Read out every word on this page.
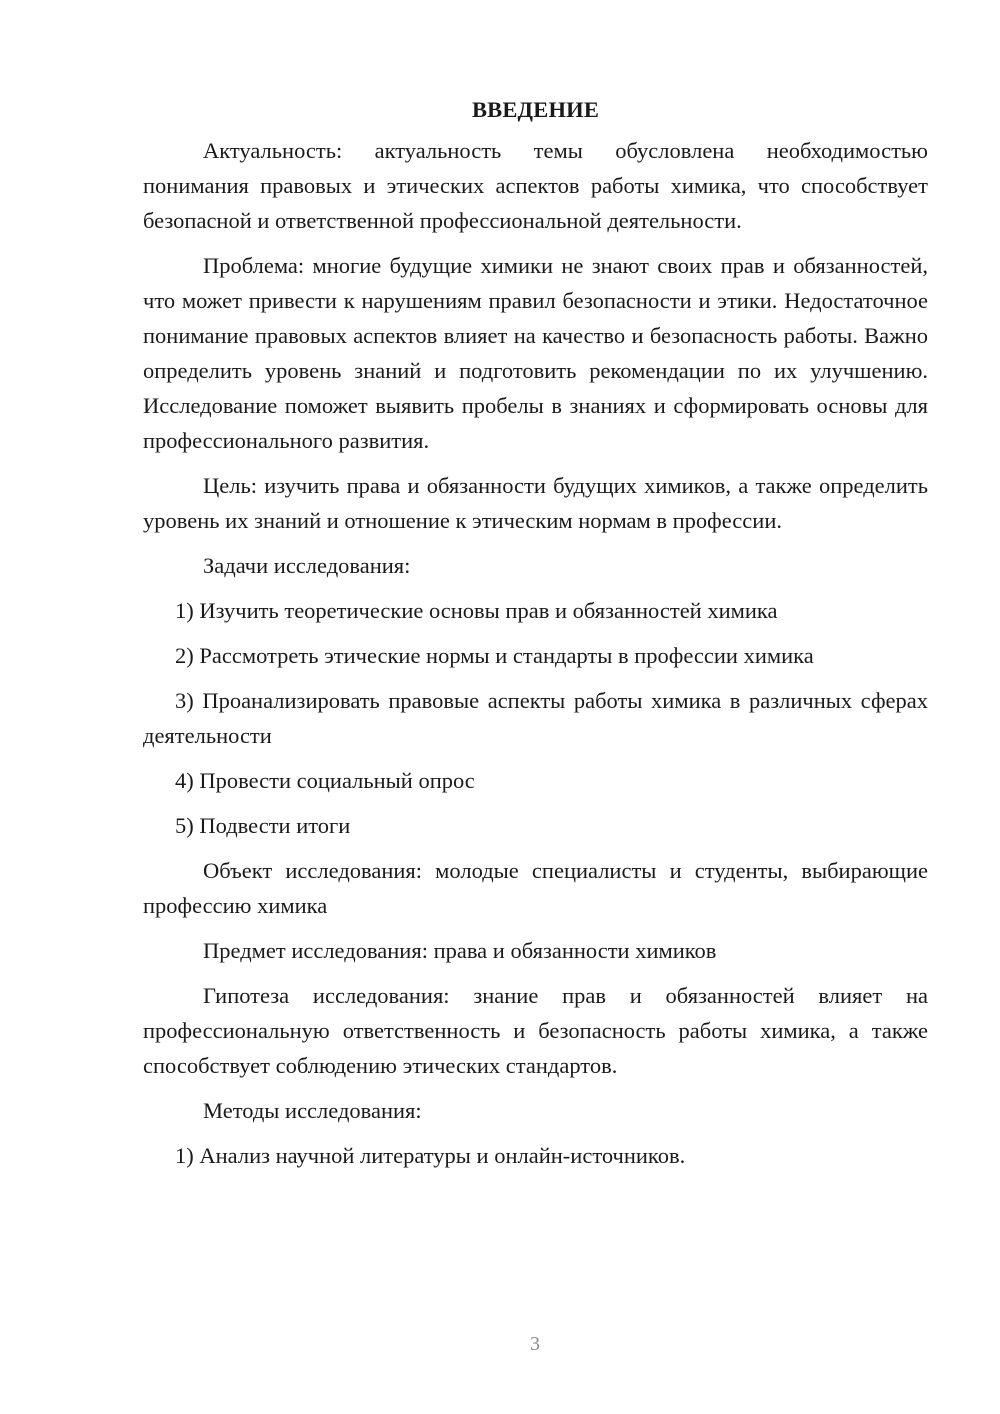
ВВЕДЕНИЕ

Актуальность: актуальность темы обусловлена необходимостью понимания правовых и этических аспектов работы химика, что способствует безопасной и ответственной профессиональной деятельности.

Проблема: многие будущие химики не знают своих прав и обязанностей, что может привести к нарушениям правил безопасности и этики. Недостаточное понимание правовых аспектов влияет на качество и безопасность работы. Важно определить уровень знаний и подготовить рекомендации по их улучшению. Исследование поможет выявить пробелы в знаниях и сформировать основы для профессионального развития.

Цель: изучить права и обязанности будущих химиков, а также определить уровень их знаний и отношение к этическим нормам в профессии.

Задачи исследования:

1) Изучить теоретические основы прав и обязанностей химика

2) Рассмотреть этические нормы и стандарты в профессии химика

3) Проанализировать правовые аспекты работы химика в различных сферах деятельности

4) Провести социальный опрос

5) Подвести итоги

Объект исследования: молодые специалисты и студенты, выбирающие профессию химика

Предмет исследования: права и обязанности химиков

Гипотеза исследования: знание прав и обязанностей влияет на профессиональную ответственность и безопасность работы химика, а также способствует соблюдению этических стандартов.

Методы исследования:

1) Анализ научной литературы и онлайн-источников.

3
